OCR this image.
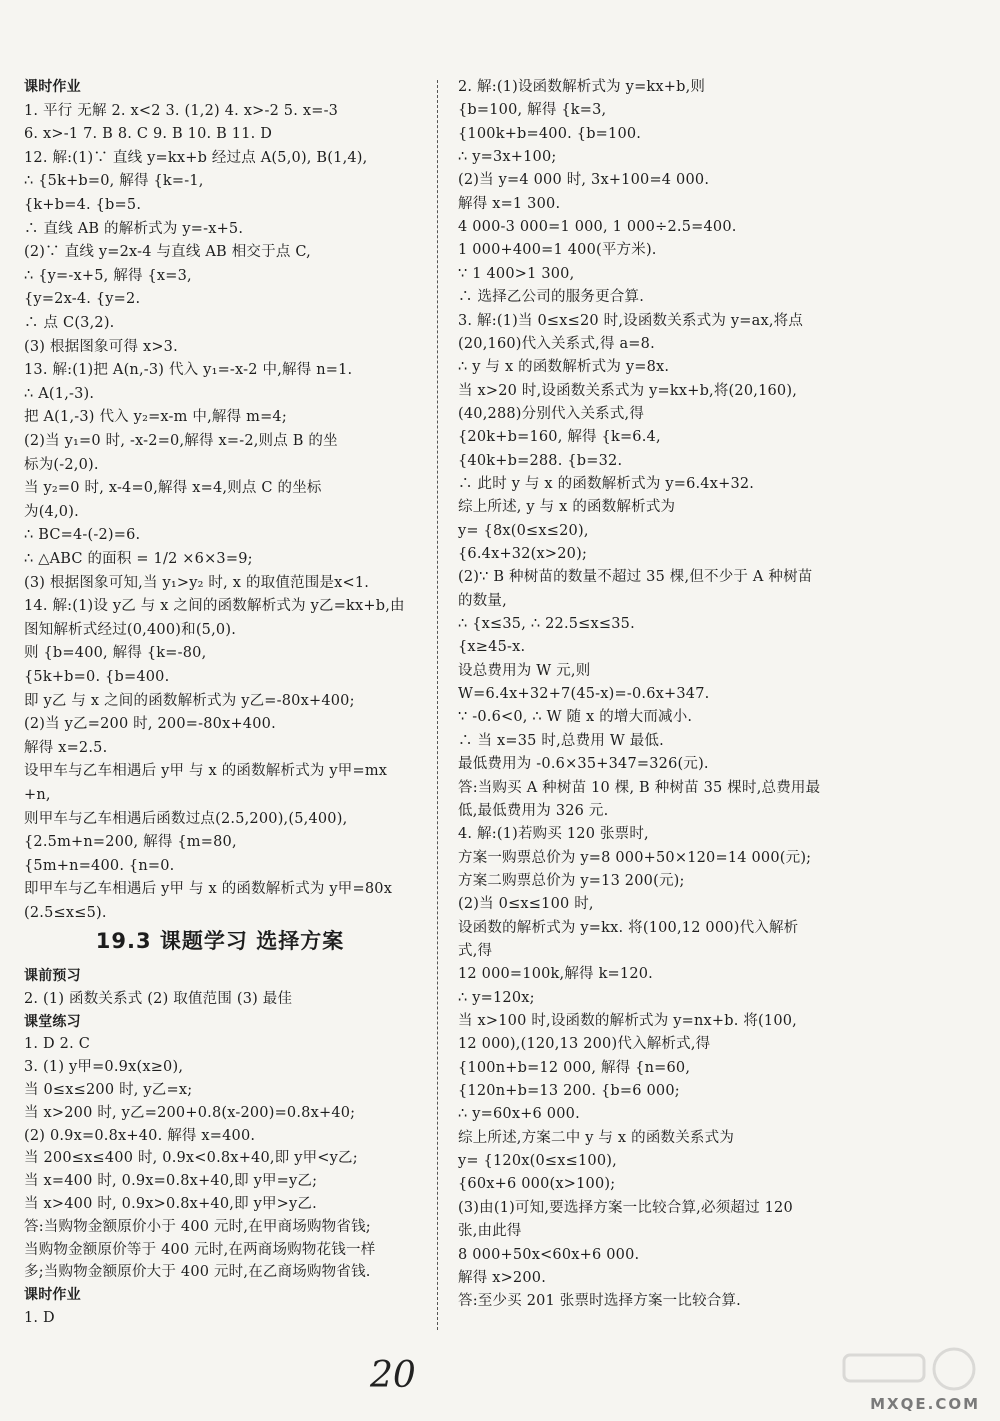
课时作业
1. 平行 无解 2. x<2 3. (1,2) 4. x>-2 5. x=-3
6. x>-1 7. B 8. C 9. B 10. B 11. D
12. 解:(1)∵ 直线 y=kx+b 经过点 A(5,0), B(1,4),
∴ {5k+b=0, 解得 {k=-1,
{k+b=4. {b=5.
∴ 直线 AB 的解析式为 y=-x+5.
(2)∵ 直线 y=2x-4 与直线 AB 相交于点 C,
∴ {y=-x+5, 解得 {x=3,
{y=2x-4. {y=2.
∴ 点 C(3,2).
(3) 根据图象可得 x>3.
13. 解:(1)把 A(n,-3) 代入 y₁=-x-2 中,解得 n=1.
∴ A(1,-3).
把 A(1,-3) 代入 y₂=x-m 中,解得 m=4;
(2)当 y₁=0 时, -x-2=0,解得 x=-2,则点 B 的坐
标为(-2,0).
当 y₂=0 时, x-4=0,解得 x=4,则点 C 的坐标
为(4,0).
∴ BC=4-(-2)=6.
∴ △ABC 的面积 = 1/2 ×6×3=9;
(3) 根据图象可知,当 y₁>y₂ 时, x 的取值范围是x<1.
14. 解:(1)设 y乙 与 x 之间的函数解析式为 y乙=kx+b,由
图知解析式经过(0,400)和(5,0).
则 {b=400, 解得 {k=-80,
{5k+b=0. {b=400.
即 y乙 与 x 之间的函数解析式为 y乙=-80x+400;
(2)当 y乙=200 时, 200=-80x+400.
解得 x=2.5.
设甲车与乙车相遇后 y甲 与 x 的函数解析式为 y甲=mx
+n,
则甲车与乙车相遇后函数过点(2.5,200),(5,400),
{2.5m+n=200, 解得 {m=80,
{5m+n=400. {n=0.
即甲车与乙车相遇后 y甲 与 x 的函数解析式为 y甲=80x
(2.5≤x≤5).
19.3 课题学习 选择方案
课前预习
2. (1) 函数关系式 (2) 取值范围 (3) 最佳
课堂练习
1. D 2. C
3. (1) y甲=0.9x(x≥0),
当 0≤x≤200 时, y乙=x;
当 x>200 时, y乙=200+0.8(x-200)=0.8x+40;
(2) 0.9x=0.8x+40. 解得 x=400.
当 200≤x≤400 时, 0.9x<0.8x+40,即 y甲<y乙;
当 x=400 时, 0.9x=0.8x+40,即 y甲=y乙;
当 x>400 时, 0.9x>0.8x+40,即 y甲>y乙.
答:当购物金额原价小于 400 元时,在甲商场购物省钱;
当购物金额原价等于 400 元时,在两商场购物花钱一样
多;当购物金额原价大于 400 元时,在乙商场购物省钱.
课时作业
1. D
2. 解:(1)设函数解析式为 y=kx+b,则
{b=100, 解得 {k=3,
{100k+b=400. {b=100.
∴ y=3x+100;
(2)当 y=4 000 时, 3x+100=4 000.
解得 x=1 300.
4 000-3 000=1 000, 1 000÷2.5=400.
1 000+400=1 400(平方米).
∵ 1 400>1 300,
∴ 选择乙公司的服务更合算.
3. 解:(1)当 0≤x≤20 时,设函数关系式为 y=ax,将点
(20,160)代入关系式,得 a=8.
∴ y 与 x 的函数解析式为 y=8x.
当 x>20 时,设函数关系式为 y=kx+b,将(20,160),
(40,288)分别代入关系式,得
{20k+b=160, 解得 {k=6.4,
{40k+b=288. {b=32.
∴ 此时 y 与 x 的函数解析式为 y=6.4x+32.
综上所述, y 与 x 的函数解析式为
y= {8x(0≤x≤20),
{6.4x+32(x>20);
(2)∵ B 种树苗的数量不超过 35 棵,但不少于 A 种树苗
的数量,
∴ {x≤35, ∴ 22.5≤x≤35.
{x≥45-x.
设总费用为 W 元,则
W=6.4x+32+7(45-x)=-0.6x+347.
∵ -0.6<0, ∴ W 随 x 的增大而减小.
∴ 当 x=35 时,总费用 W 最低.
最低费用为 -0.6×35+347=326(元).
答:当购买 A 种树苗 10 棵, B 种树苗 35 棵时,总费用最
低,最低费用为 326 元.
4. 解:(1)若购买 120 张票时,
方案一购票总价为 y=8 000+50×120=14 000(元);
方案二购票总价为 y=13 200(元);
(2)当 0≤x≤100 时,
设函数的解析式为 y=kx. 将(100,12 000)代入解析
式,得
12 000=100k,解得 k=120.
∴ y=120x;
当 x>100 时,设函数的解析式为 y=nx+b. 将(100,
12 000),(120,13 200)代入解析式,得
{100n+b=12 000, 解得 {n=60,
{120n+b=13 200. {b=6 000;
∴ y=60x+6 000.
综上所述,方案二中 y 与 x 的函数关系式为
y= {120x(0≤x≤100),
{60x+6 000(x>100);
(3)由(1)可知,要选择方案一比较合算,必须超过 120
张,由此得
8 000+50x<60x+6 000.
解得 x>200.
答:至少买 201 张票时选择方案一比较合算.
20
MXQE.COM
